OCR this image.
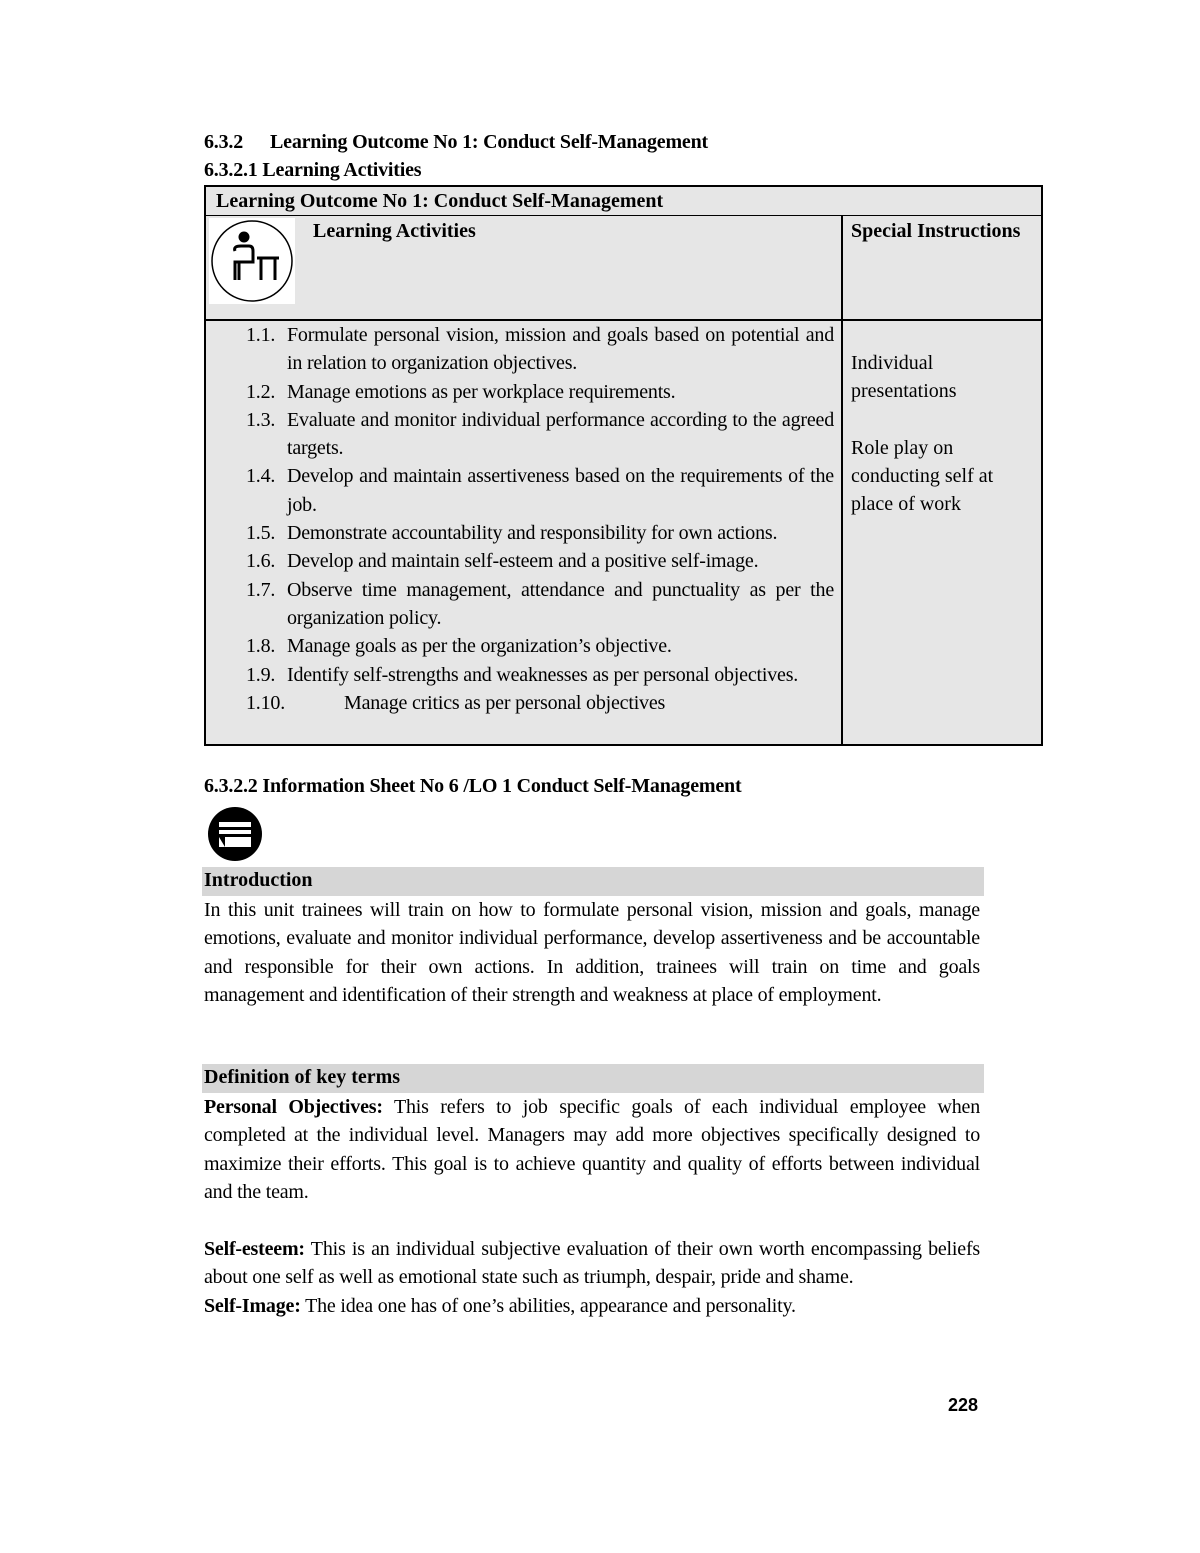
6.3.2 Learning Outcome No 1: Conduct Self-Management
6.3.2.1 Learning Activities
Learning Outcome No 1: Conduct Self-Management
Learning Activities	Special Instructions
1.1. Formulate personal vision, mission and goals based on potential and in relation to organization objectives.
1.2. Manage emotions as per workplace requirements.
1.3. Evaluate and monitor individual performance according to the agreed targets.
1.4. Develop and maintain assertiveness based on the requirements of the job.
1.5. Demonstrate accountability and responsibility for own actions.
1.6. Develop and maintain self-esteem and a positive self-image.
1.7. Observe time management, attendance and punctuality as per the organization policy.
1.8. Manage goals as per the organization’s objective.
1.9. Identify self-strengths and weaknesses as per personal objectives.
1.10.	Manage critics as per personal objectives

Individual

presentations

Role play on

conducting self at

place of work

6.3.2.2 Information Sheet No 6 /LO 1 Conduct Self-Management
Introduction

In this unit trainees will train on how to formulate personal vision, mission and goals, manage emotions, evaluate and monitor individual performance, develop assertiveness and be accountable and responsible for their own actions. In addition, trainees will train on time and goals management and identification of their strength and weakness at place of employment.

Definition of key terms

Personal Objectives: This refers to job specific goals of each individual employee when completed at the individual level. Managers may add more objectives specifically designed to maximize their efforts. This goal is to achieve quantity and quality of efforts between individual and the team.

Self-esteem: This is an individual subjective evaluation of their own worth encompassing beliefs about one self as well as emotional state such as triumph, despair, pride and shame.

Self-Image: The idea one has of one’s abilities, appearance and personality.

228
